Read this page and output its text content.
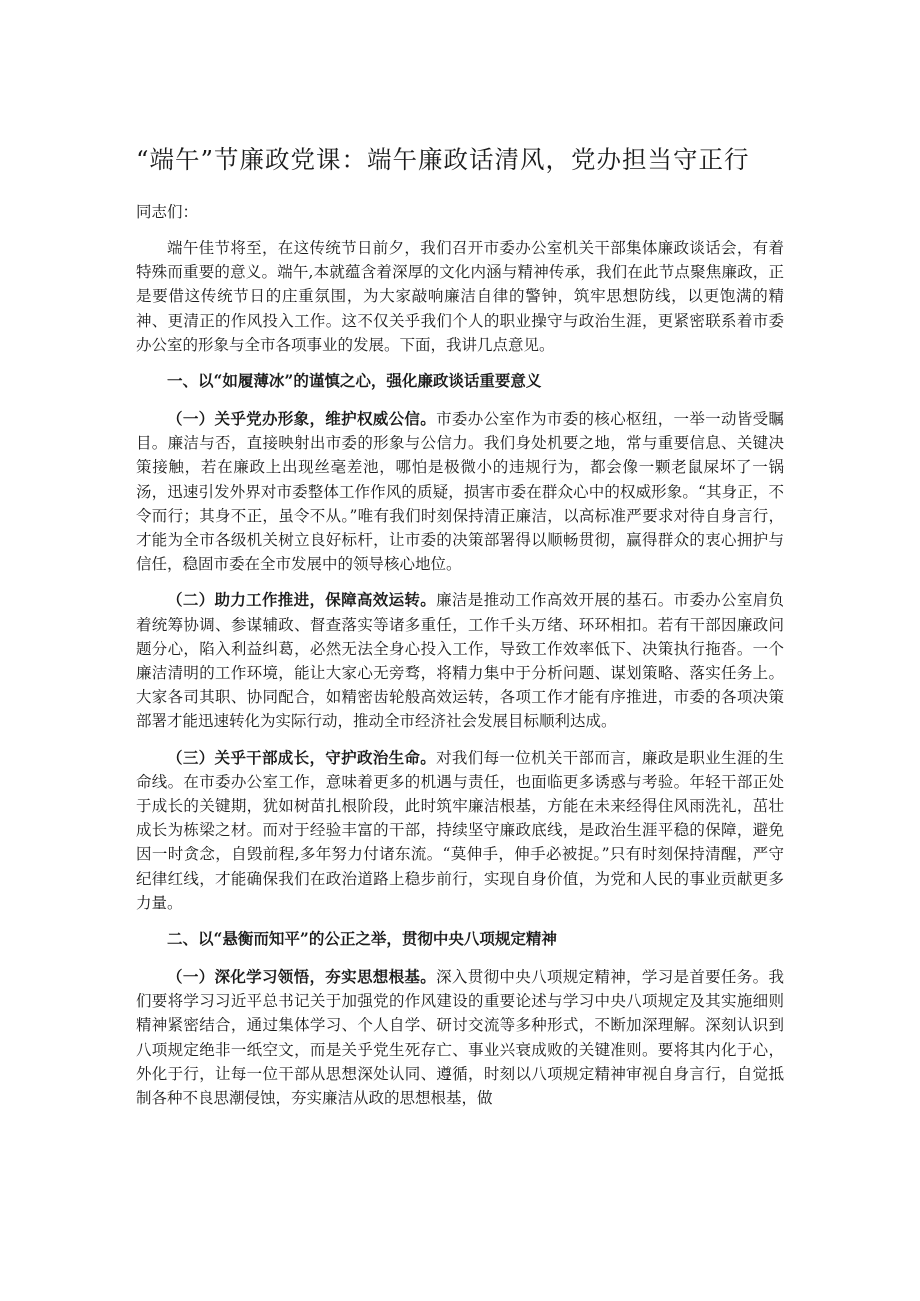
“端午”节廉政党课：端午廉政话清风，党办担当守正行
同志们：

端午佳节将至，在这传统节日前夕，我们召开市委办公室机关干部集体廉政谈话会，有着特殊而重要的意义。端午,本就蕴含着深厚的文化内涵与精神传承，我们在此节点聚焦廉政，正是要借这传统节日的庄重氛围，为大家敲响廉洁自律的警钟，筑牢思想防线，以更饱满的精神、更清正的作风投入工作。这不仅关乎我们个人的职业操守与政治生涯，更紧密联系着市委办公室的形象与全市各项事业的发展。下面，我讲几点意见。

一、以“如履薄冰”的谨慎之心，强化廉政谈话重要意义

（一）关乎党办形象，维护权威公信。市委办公室作为市委的核心枢纽，一举一动皆受瞩目。廉洁与否，直接映射出市委的形象与公信力。我们身处机要之地，常与重要信息、关键决策接触，若在廉政上出现丝毫差池，哪怕是极微小的违规行为，都会像一颗老鼠屎坏了一锅汤，迅速引发外界对市委整体工作作风的质疑，损害市委在群众心中的权威形象。“其身正，不令而行；其身不正，虽令不从。”唯有我们时刻保持清正廉洁，以高标准严要求对待自身言行，才能为全市各级机关树立良好标杆，让市委的决策部署得以顺畅贯彻，赢得群众的衷心拥护与信任，稳固市委在全市发展中的领导核心地位。

（二）助力工作推进，保障高效运转。廉洁是推动工作高效开展的基石。市委办公室肩负着统筹协调、参谋辅政、督查落实等诸多重任，工作千头万绪、环环相扣。若有干部因廉政问题分心，陷入利益纠葛，必然无法全身心投入工作，导致工作效率低下、决策执行拖沓。一个廉洁清明的工作环境，能让大家心无旁骛，将精力集中于分析问题、谋划策略、落实任务上。大家各司其职、协同配合，如精密齿轮般高效运转，各项工作才能有序推进，市委的各项决策部署才能迅速转化为实际行动，推动全市经济社会发展目标顺利达成。

（三）关乎干部成长，守护政治生命。对我们每一位机关干部而言，廉政是职业生涯的生命线。在市委办公室工作，意味着更多的机遇与责任，也面临更多诱惑与考验。年轻干部正处于成长的关键期，犹如树苗扎根阶段，此时筑牢廉洁根基，方能在未来经得住风雨洗礼，茁壮成长为栋梁之材。而对于经验丰富的干部，持续坚守廉政底线，是政治生涯平稳的保障，避免因一时贪念，自毁前程,多年努力付诸东流。“莫伸手，伸手必被捉。”只有时刻保持清醒，严守纪律红线，才能确保我们在政治道路上稳步前行，实现自身价值，为党和人民的事业贡献更多力量。

二、以“悬衡而知平”的公正之举，贯彻中央八项规定精神

（一）深化学习领悟，夯实思想根基。深入贯彻中央八项规定精神，学习是首要任务。我们要将学习习近平总书记关于加强党的作风建设的重要论述与学习中央八项规定及其实施细则精神紧密结合，通过集体学习、个人自学、研讨交流等多种形式，不断加深理解。深刻认识到八项规定绝非一纸空文，而是关乎党生死存亡、事业兴衰成败的关键准则。要将其内化于心，外化于行，让每一位干部从思想深处认同、遵循，时刻以八项规定精神审视自身言行，自觉抵制各种不良思潮侵蚀，夯实廉洁从政的思想根基，做
